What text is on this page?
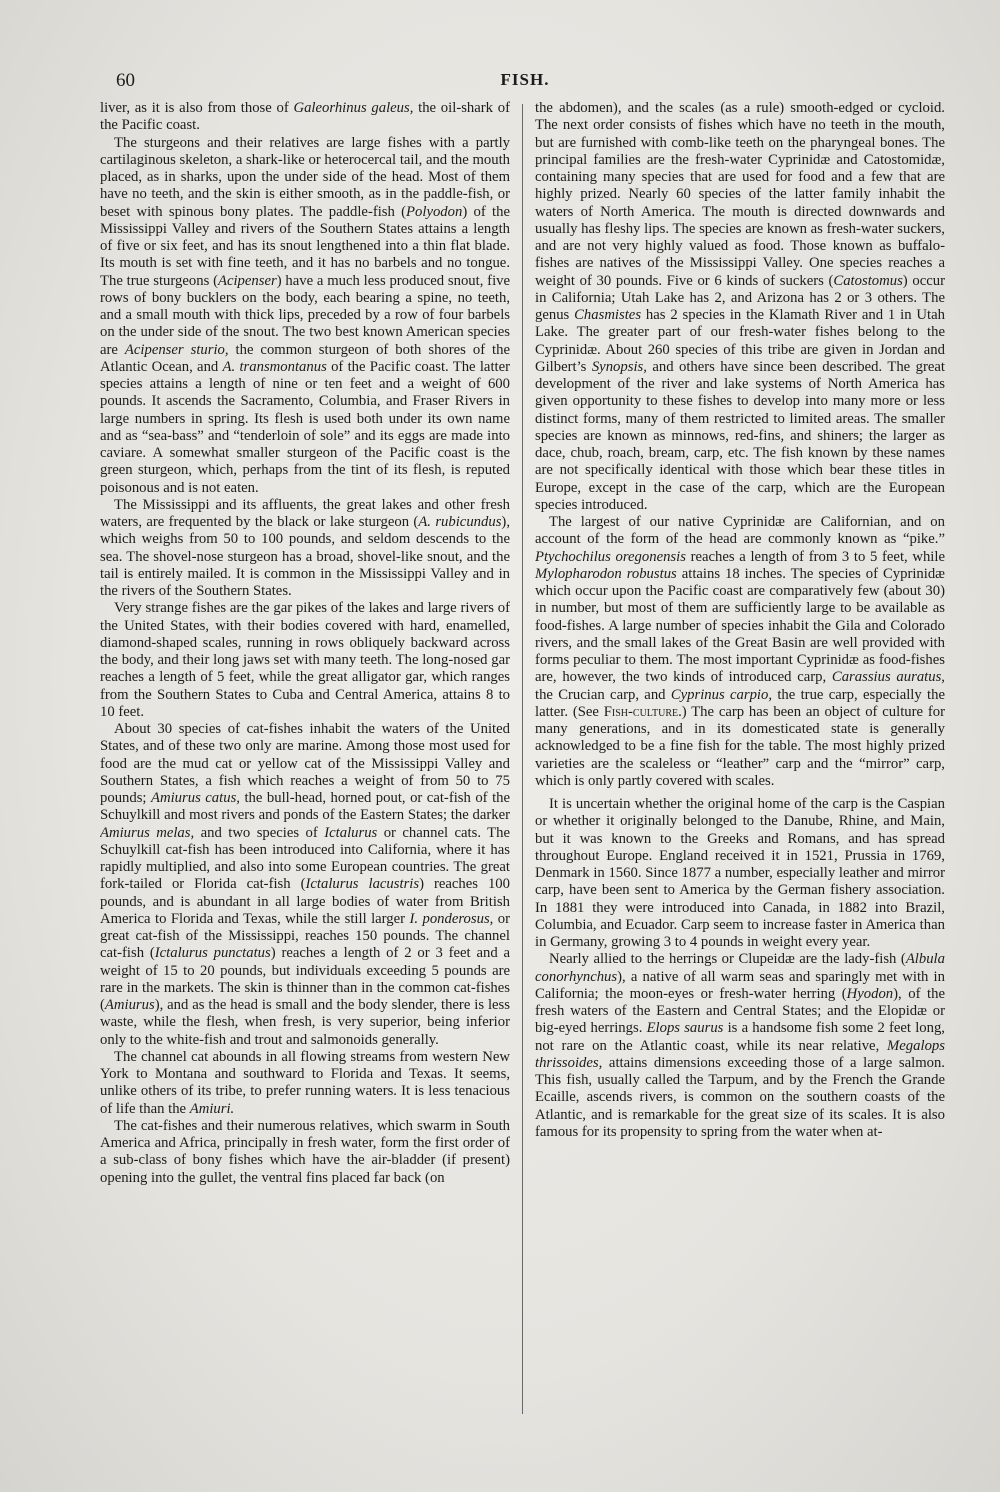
60	FISH.

liver, as it is also from those of Galeorhinus galeus, the oil-shark of the Pacific coast.

The sturgeons and their relatives are large fishes with a partly cartilaginous skeleton, a shark-like or heterocercal tail, and the mouth placed, as in sharks, upon the under side of the head. Most of them have no teeth, and the skin is either smooth, as in the paddle-fish, or beset with spinous bony plates. The paddle-fish (Polyodon) of the Mississippi Valley and rivers of the Southern States attains a length of five or six feet, and has its snout lengthened into a thin flat blade. Its mouth is set with fine teeth, and it has no barbels and no tongue. The true sturgeons (Acipenser) have a much less produced snout, five rows of bony bucklers on the body, each bearing a spine, no teeth, and a small mouth with thick lips, preceded by a row of four barbels on the under side of the snout. The two best known American species are Acipenser sturio, the common sturgeon of both shores of the Atlantic Ocean, and A. transmontanus of the Pacific coast. The latter species attains a length of nine or ten feet and a weight of 600 pounds. It ascends the Sacramento, Columbia, and Fraser Rivers in large numbers in spring. Its flesh is used both under its own name and as “sea-bass” and “tenderloin of sole” and its eggs are made into caviare. A somewhat smaller sturgeon of the Pacific coast is the green sturgeon, which, perhaps from the tint of its flesh, is reputed poisonous and is not eaten.

The Mississippi and its affluents, the great lakes and other fresh waters, are frequented by the black or lake sturgeon (A. rubicundus), which weighs from 50 to 100 pounds, and seldom descends to the sea. The shovel-nose sturgeon has a broad, shovel-like snout, and the tail is entirely mailed. It is common in the Mississippi Valley and in the rivers of the Southern States.

Very strange fishes are the gar pikes of the lakes and large rivers of the United States, with their bodies covered with hard, enamelled, diamond-shaped scales, running in rows obliquely backward across the body, and their long jaws set with many teeth. The long-nosed gar reaches a length of 5 feet, while the great alligator gar, which ranges from the Southern States to Cuba and Central America, attains 8 to 10 feet.

About 30 species of cat-fishes inhabit the waters of the United States, and of these two only are marine. Among those most used for food are the mud cat or yellow cat of the Mississippi Valley and Southern States, a fish which reaches a weight of from 50 to 75 pounds; Amiurus catus, the bull-head, horned pout, or cat-fish of the Schuylkill and most rivers and ponds of the Eastern States; the darker Amiurus melas, and two species of Ictalurus or channel cats. The Schuylkill cat-fish has been introduced into California, where it has rapidly multiplied, and also into some European countries. The great fork-tailed or Florida cat-fish (Ictalurus lacustris) reaches 100 pounds, and is abundant in all large bodies of water from British America to Florida and Texas, while the still larger I. ponderosus, or great cat-fish of the Mississippi, reaches 150 pounds. The channel cat-fish (Ictalurus punctatus) reaches a length of 2 or 3 feet and a weight of 15 to 20 pounds, but individuals exceeding 5 pounds are rare in the markets. The skin is thinner than in the common cat-fishes (Amiurus), and as the head is small and the body slender, there is less waste, while the flesh, when fresh, is very superior, being inferior only to the white-fish and trout and salmonoids generally.

The channel cat abounds in all flowing streams from western New York to Montana and southward to Florida and Texas. It seems, unlike others of its tribe, to prefer running waters. It is less tenacious of life than the Amiuri.

The cat-fishes and their numerous relatives, which swarm in South America and Africa, principally in fresh water, form the first order of a sub-class of bony fishes which have the air-bladder (if present) opening into the gullet, the ventral fins placed far back (on

the abdomen), and the scales (as a rule) smooth-edged or cycloid. The next order consists of fishes which have no teeth in the mouth, but are furnished with comb-like teeth on the pharyngeal bones. The principal families are the fresh-water Cyprinidæ and Catostomidæ, containing many species that are used for food and a few that are highly prized. Nearly 60 species of the latter family inhabit the waters of North America. The mouth is directed downwards and usually has fleshy lips. The species are known as fresh-water suckers, and are not very highly valued as food. Those known as buffalo-fishes are natives of the Mississippi Valley. One species reaches a weight of 30 pounds. Five or 6 kinds of suckers (Catostomus) occur in California; Utah Lake has 2, and Arizona has 2 or 3 others. The genus Chasmistes has 2 species in the Klamath River and 1 in Utah Lake. The greater part of our fresh-water fishes belong to the Cyprinidæ. About 260 species of this tribe are given in Jordan and Gilbert’s Synopsis, and others have since been described. The great development of the river and lake systems of North America has given opportunity to these fishes to develop into many more or less distinct forms, many of them restricted to limited areas. The smaller species are known as minnows, red-fins, and shiners; the larger as dace, chub, roach, bream, carp, etc. The fish known by these names are not specifically identical with those which bear these titles in Europe, except in the case of the carp, which are the European species introduced.

The largest of our native Cyprinidæ are Californian, and on account of the form of the head are commonly known as “pike.” Ptychochilus oregonensis reaches a length of from 3 to 5 feet, while Mylopharodon robustus attains 18 inches. The species of Cyprinidæ which occur upon the Pacific coast are comparatively few (about 30) in number, but most of them are sufficiently large to be available as food-fishes. A large number of species inhabit the Gila and Colorado rivers, and the small lakes of the Great Basin are well provided with forms peculiar to them. The most important Cyprinidæ as food-fishes are, however, the two kinds of introduced carp, Carassius auratus, the Crucian carp, and Cyprinus carpio, the true carp, especially the latter. (See Fish-culture.) The carp has been an object of culture for many generations, and in its domesticated state is generally acknowledged to be a fine fish for the table. The most highly prized varieties are the scaleless or “leather” carp and the “mirror” carp, which is only partly covered with scales.

It is uncertain whether the original home of the carp is the Caspian or whether it originally belonged to the Danube, Rhine, and Main, but it was known to the Greeks and Romans, and has spread throughout Europe. England received it in 1521, Prussia in 1769, Denmark in 1560. Since 1877 a number, especially leather and mirror carp, have been sent to America by the German fishery association. In 1881 they were introduced into Canada, in 1882 into Brazil, Columbia, and Ecuador. Carp seem to increase faster in America than in Germany, growing 3 to 4 pounds in weight every year.

Nearly allied to the herrings or Clupeidæ are the lady-fish (Albula conorhynchus), a native of all warm seas and sparingly met with in California; the moon-eyes or fresh-water herring (Hyodon), of the fresh waters of the Eastern and Central States; and the Elopidæ or big-eyed herrings. Elops saurus is a handsome fish some 2 feet long, not rare on the Atlantic coast, while its near relative, Megalops thrissoides, attains dimensions exceeding those of a large salmon. This fish, usually called the Tarpum, and by the French the Grande Ecaille, ascends rivers, is common on the southern coasts of the Atlantic, and is remarkable for the great size of its scales. It is also famous for its propensity to spring from the water when at-
